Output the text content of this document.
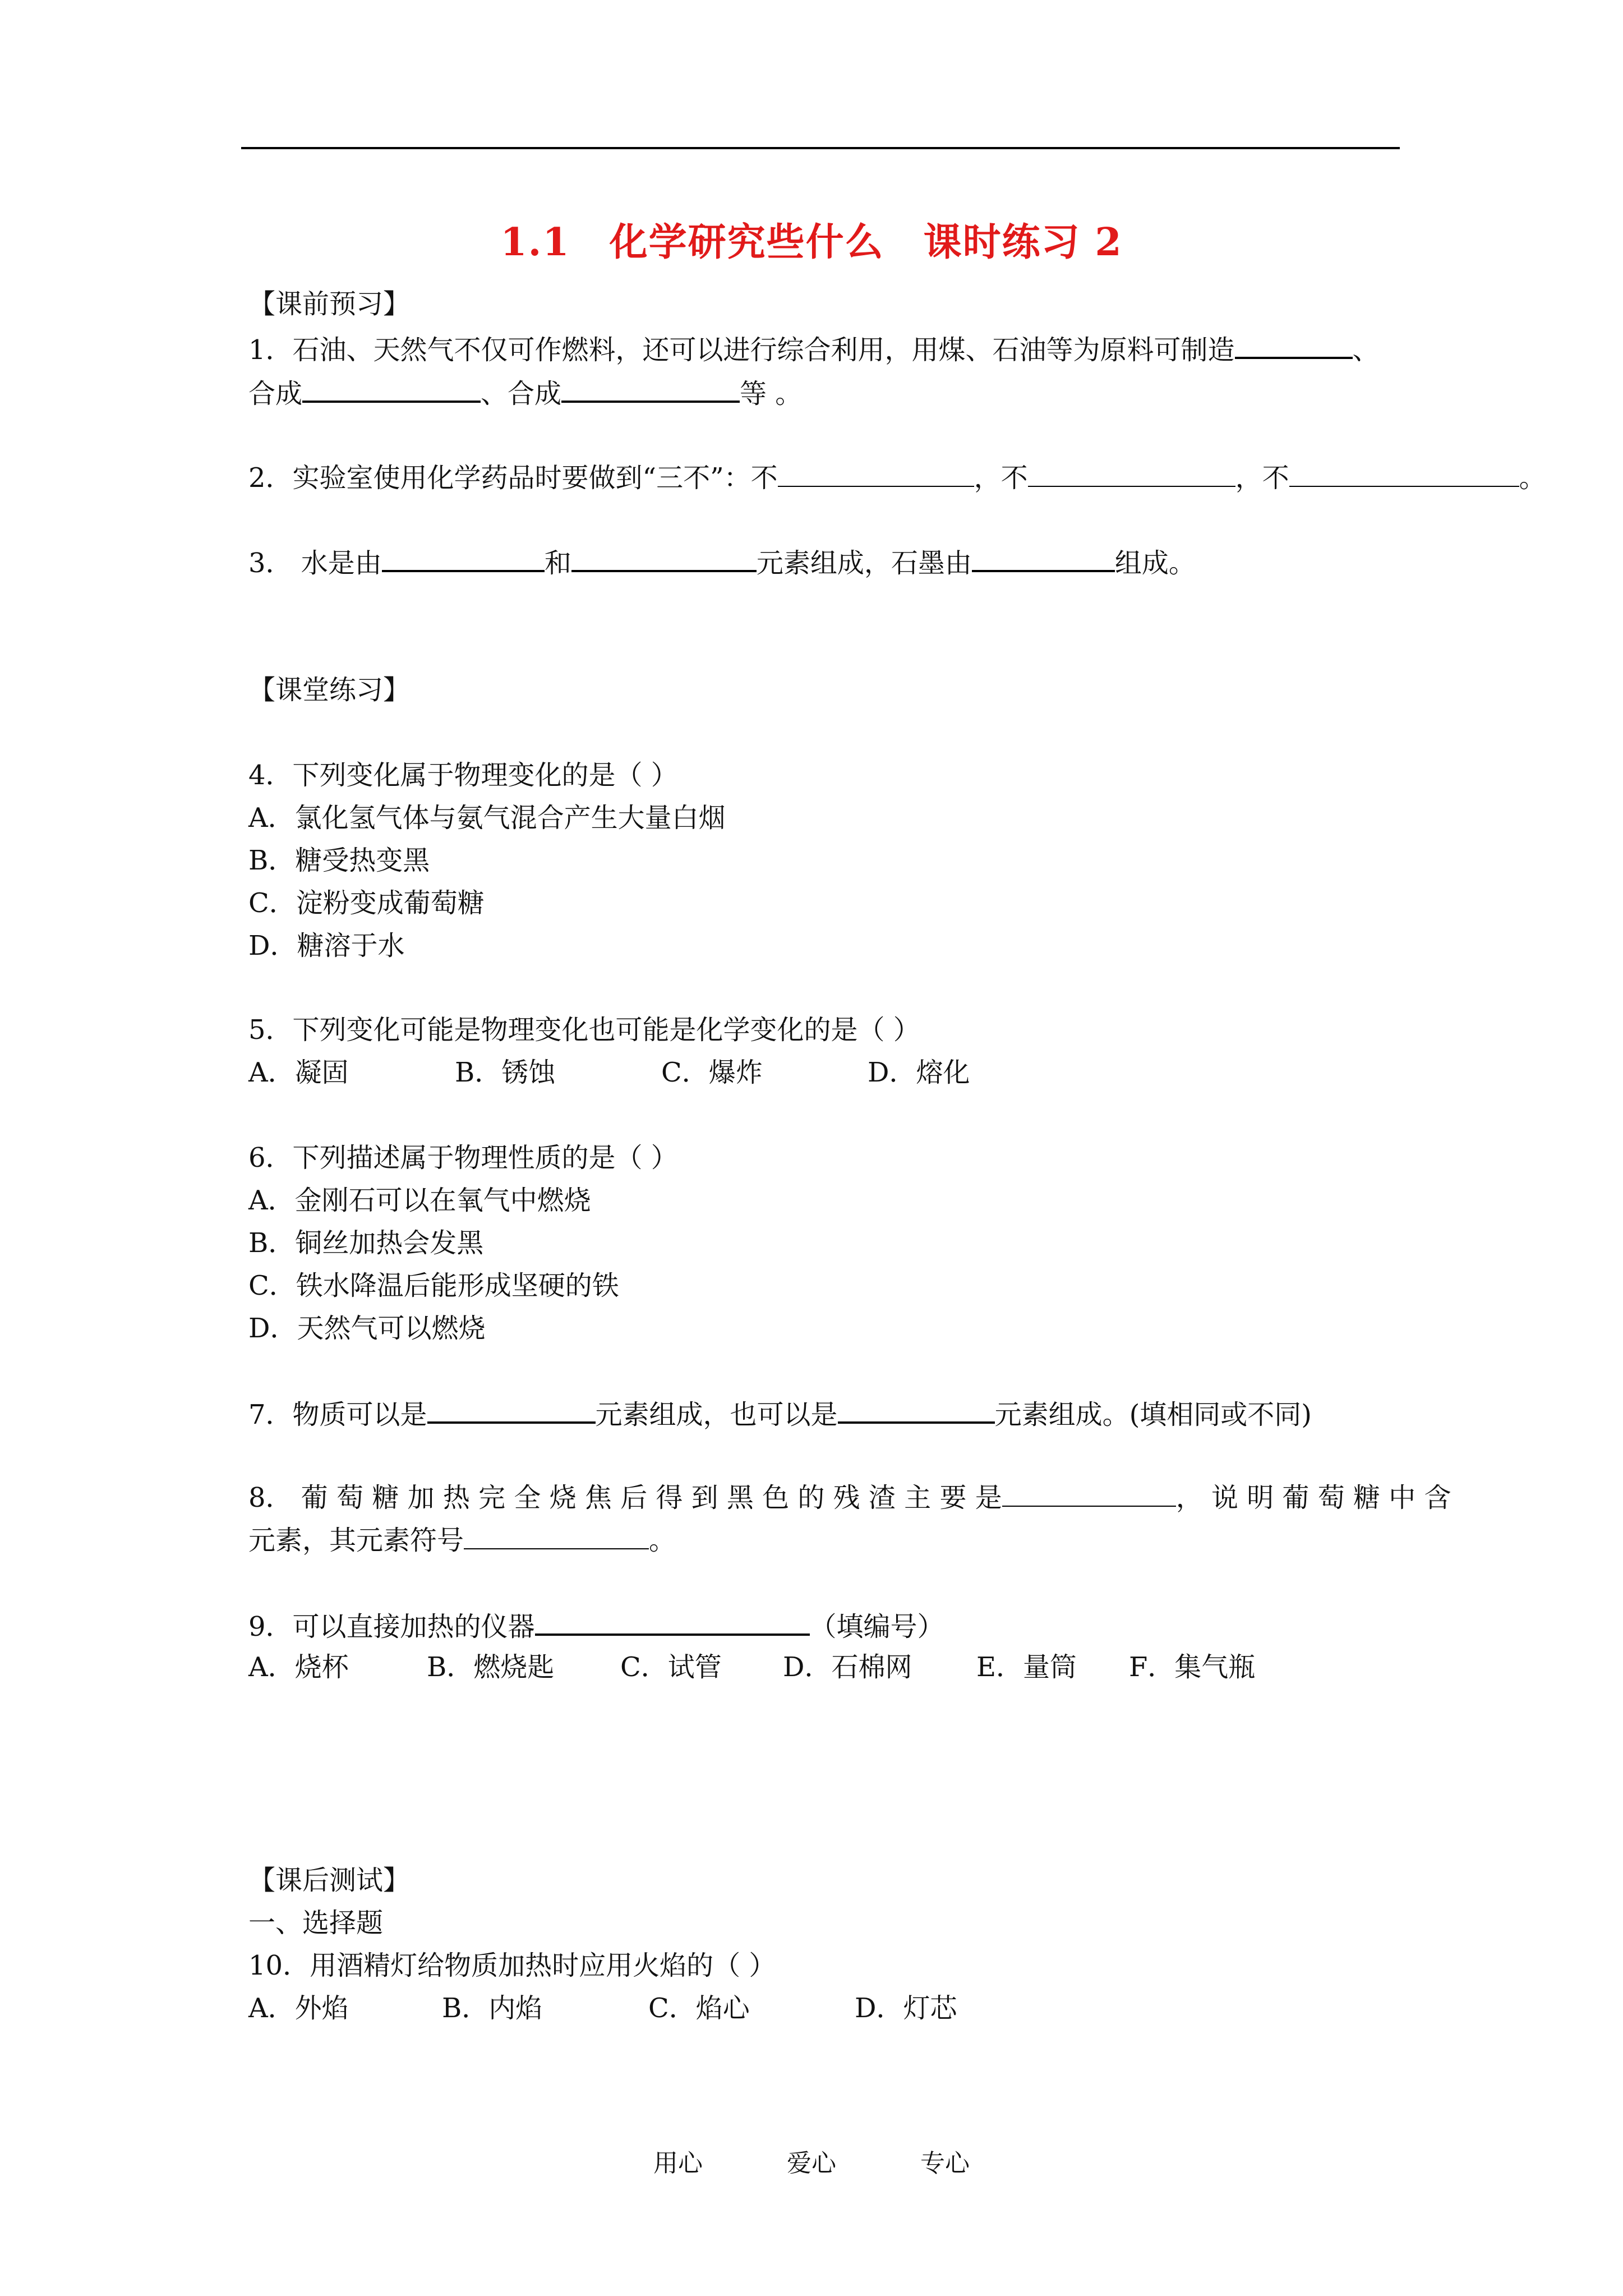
1.1 化学研究些什么 课时练习 2
【课前预习】
1．石油、天然气不仅可作燃料，还可以进行综合利用，用煤、石油等为原料可制造	、
合成	、合成	等 。
2．实验室使用化学药品时要做到“三不”：不	，不	，不	。
3． 水是由	和	元素组成，石墨由	组成。
【课堂练习】
4．下列变化属于物理变化的是（ ）
A．氯化氢气体与氨气混合产生大量白烟
B．糖受热变黑
C．淀粉变成葡萄糖
D．糖溶于水
5．下列变化可能是物理变化也可能是化学变化的是（ ）
A．凝固	B．锈蚀	C．爆炸	D．熔化
6．下列描述属于物理性质的是（ ）
A．金刚石可以在氧气中燃烧
B．铜丝加热会发黑
C．铁水降温后能形成坚硬的铁
D．天然气可以燃烧
7．物质可以是	元素组成，也可以是	元素组成。(填相同或不同)
8． 葡 萄 糖 加 热 完 全 烧 焦 后 得 到 黑 色 的 残 渣 主 要 是	， 说 明 葡 萄 糖 中 含
元素，其元素符号	。
9．可以直接加热的仪器	（填编号）
A．烧杯	B．燃烧匙 C．试管 D．石棉网 E．量筒 F．集气瓶
【课后测试】
一、选择题
10．用酒精灯给物质加热时应用火焰的（ ）
A．外焰	B．内焰	C．焰心	D．灯芯
用心	爱心	专心
